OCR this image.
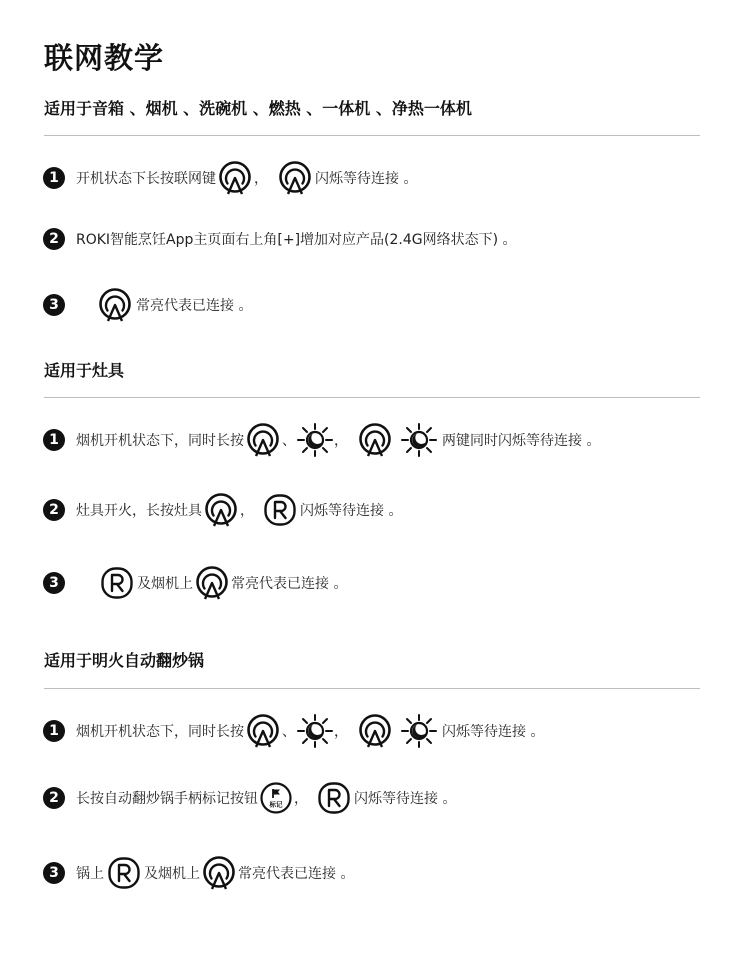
联网教学
适用于音箱 、烟机 、洗碗机 、燃热 、一体机 、净热一体机
1	开机状态下长按联网键	，	闪烁等待连接 。
2	ROKI智能烹饪App主页面右上角[+]增加对应产品(2.4G网络状态下) 。
3	常亮代表已连接 。
适用于灶具
1	烟机开机状态下，同时长按	、	，	两键同时闪烁等待连接 。
2	灶具开火，长按灶具	，	闪烁等待连接 。
3	及烟机上	常亮代表已连接 。
适用于明火自动翻炒锅
1	烟机开机状态下，同时长按	、	，	闪烁等待连接 。
2	长按自动翻炒锅手柄标记按钮 标记 ，	闪烁等待连接 。
3	锅上	及烟机上	常亮代表已连接 。
